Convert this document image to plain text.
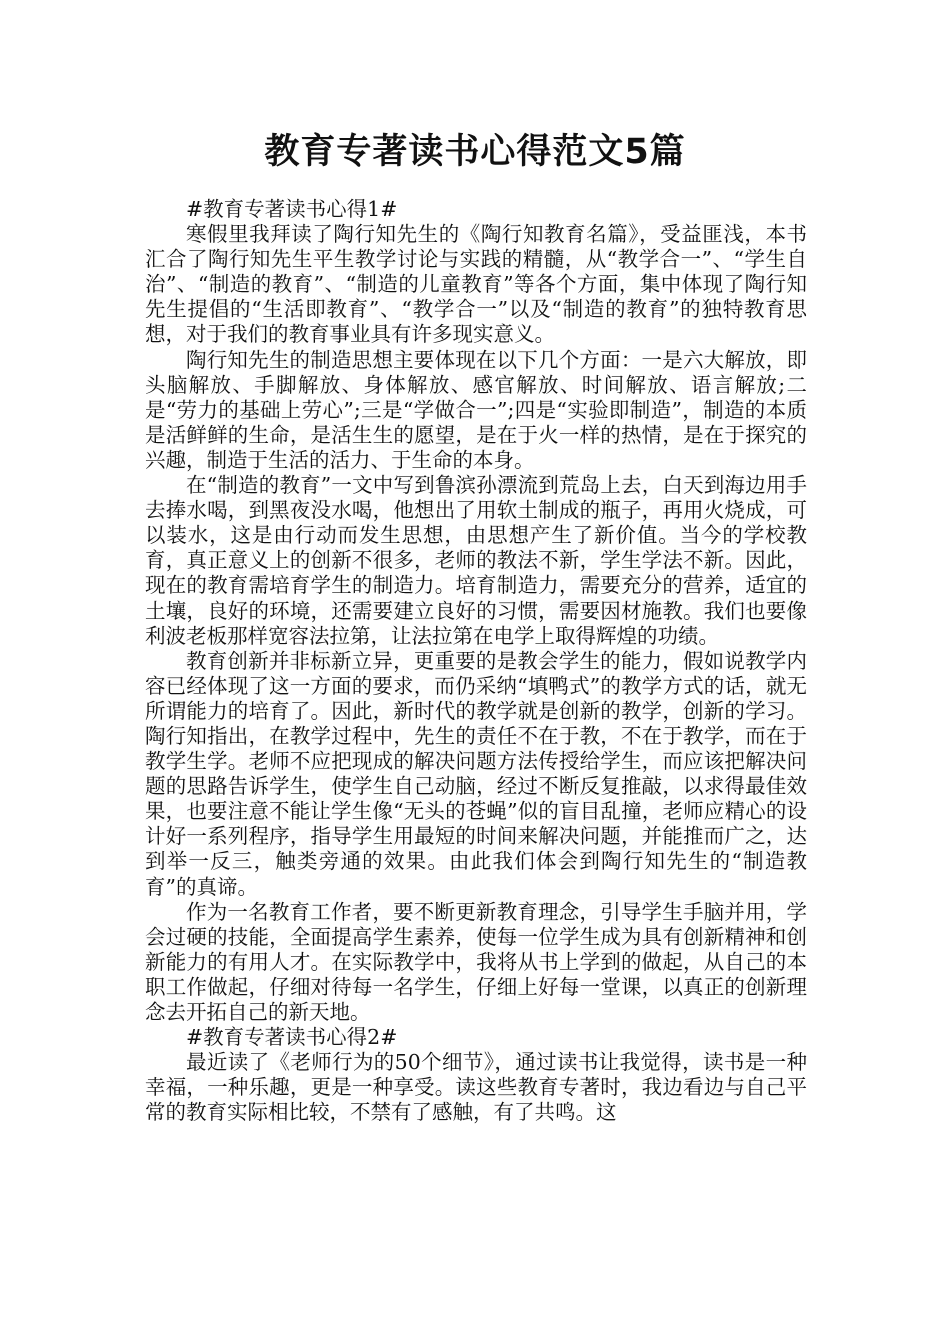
教育专著读书心得范文5篇

#教育专著读书心得1#

寒假里我拜读了陶行知先生的《陶行知教育名篇》，受益匪浅，本书汇合了陶行知先生平生教学讨论与实践的精髓，从“教学合一”、“学生自治”、“制造的教育”、“制造的儿童教育”等各个方面，集中体现了陶行知先生提倡的“生活即教育”、“教学合一”以及“制造的教育”的独特教育思想，对于我们的教育事业具有许多现实意义。

陶行知先生的制造思想主要体现在以下几个方面：一是六大解放，即头脑解放、手脚解放、身体解放、感官解放、时间解放、语言解放;二是“劳力的基础上劳心”;三是“学做合一”;四是“实验即制造”，制造的本质是活鲜鲜的生命，是活生生的愿望，是在于火一样的热情，是在于探究的兴趣，制造于生活的活力、于生命的本身。

在“制造的教育”一文中写到鲁滨孙漂流到荒岛上去，白天到海边用手去捧水喝，到黑夜没水喝，他想出了用软土制成的瓶子，再用火烧成，可以装水，这是由行动而发生思想，由思想产生了新价值。当今的学校教育，真正意义上的创新不很多，老师的教法不新，学生学法不新。因此，现在的教育需培育学生的制造力。培育制造力，需要充分的营养，适宜的土壤，良好的环境，还需要建立良好的习惯，需要因材施教。我们也要像利波老板那样宽容法拉第，让法拉第在电学上取得辉煌的功绩。

教育创新并非标新立异，更重要的是教会学生的能力，假如说教学内容已经体现了这一方面的要求，而仍采纳“填鸭式”的教学方式的话，就无所谓能力的培育了。因此，新时代的教学就是创新的教学，创新的学习。陶行知指出，在教学过程中，先生的责任不在于教，不在于教学，而在于教学生学。老师不应把现成的解决问题方法传授给学生，而应该把解决问题的思路告诉学生，使学生自己动脑，经过不断反复推敲，以求得最佳效果，也要注意不能让学生像“无头的苍蝇”似的盲目乱撞，老师应精心的设计好一系列程序，指导学生用最短的时间来解决问题，并能推而广之，达到举一反三，触类旁通的效果。由此我们体会到陶行知先生的“制造教育”的真谛。

作为一名教育工作者，要不断更新教育理念，引导学生手脑并用，学会过硬的技能，全面提高学生素养，使每一位学生成为具有创新精神和创新能力的有用人才。在实际教学中，我将从书上学到的做起，从自己的本职工作做起，仔细对待每一名学生，仔细上好每一堂课，以真正的创新理念去开拓自己的新天地。

#教育专著读书心得2#

最近读了《老师行为的50个细节》，通过读书让我觉得，读书是一种幸福，一种乐趣，更是一种享受。读这些教育专著时，我边看边与自己平常的教育实际相比较，不禁有了感触，有了共鸣。这
